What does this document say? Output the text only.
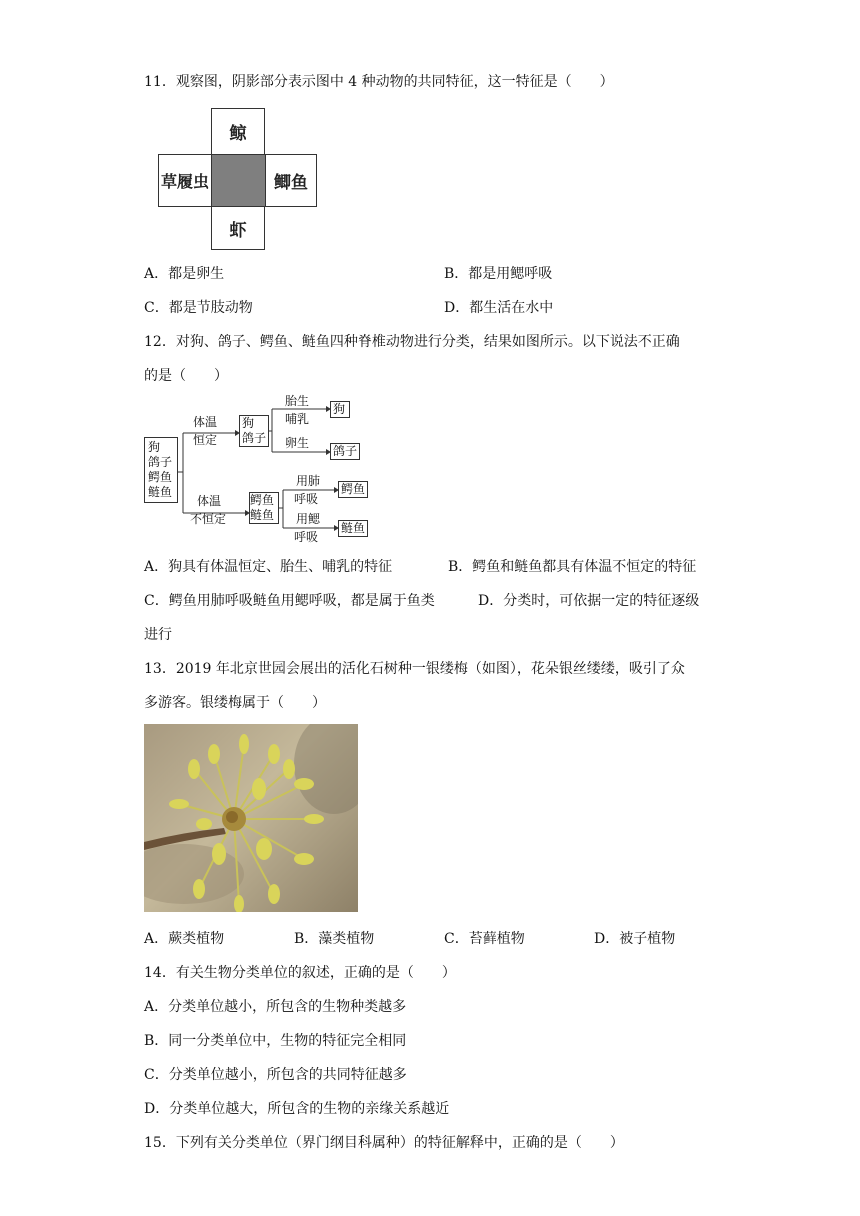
11．观察图，阴影部分表示图中 4 种动物的共同特征，这一特征是（　　）
鲸
草履虫	鲫鱼
虾
A．都是卵生	B．都是用鳃呼吸
C．都是节肢动物	D．都生活在水中
12．对狗、鸽子、鳄鱼、鲢鱼四种脊椎动物进行分类，结果如图所示。以下说法不正确
的是（　　）
狗
鸽子
鳄鱼
鲢鱼
体温
恒定
体温
不恒定
狗
鸽子
鳄鱼
鲢鱼
胎生
哺乳
卵生
用肺
呼吸
用鳃
呼吸
狗
鸽子
鳄鱼
鲢鱼
A．狗具有体温恒定、胎生、哺乳的特征	B．鳄鱼和鲢鱼都具有体温不恒定的特征
C．鳄鱼用肺呼吸鲢鱼用鳃呼吸，都是属于鱼类	D．分类时，可依据一定的特征逐级
进行
13．2019 年北京世园会展出的活化石树种一银缕梅（如图），花朵银丝缕缕，吸引了众
多游客。银缕梅属于（　　）
A．蕨类植物	B．藻类植物	C．苔藓植物	D．被子植物
14．有关生物分类单位的叙述，正确的是（　　）
A．分类单位越小，所包含的生物种类越多
B．同一分类单位中，生物的特征完全相同
C．分类单位越小，所包含的共同特征越多
D．分类单位越大，所包含的生物的亲缘关系越近
15．下列有关分类单位（界门纲目科属种）的特征解释中，正确的是（　　）
